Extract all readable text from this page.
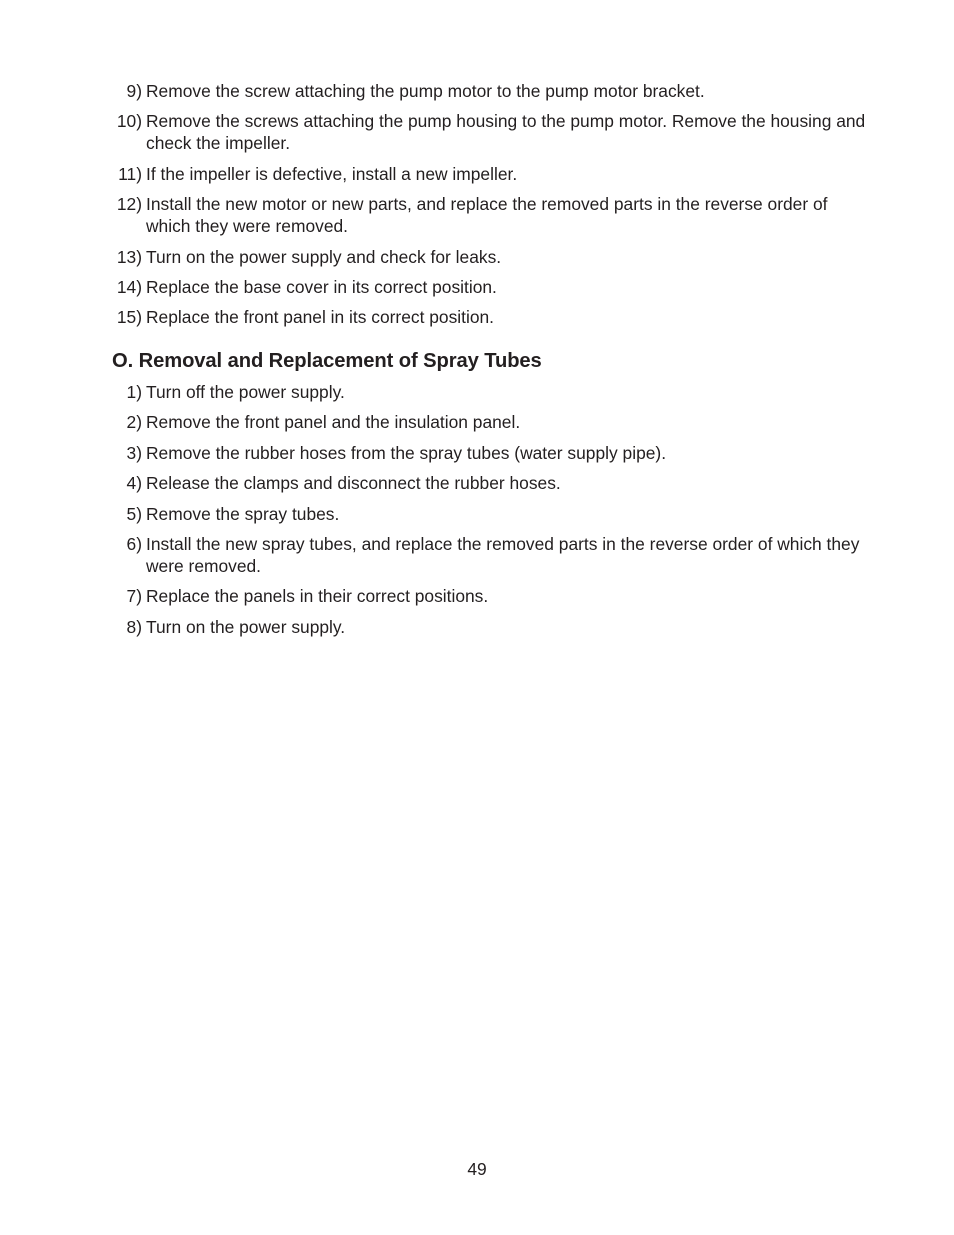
9) Remove the screw attaching the pump motor to the pump motor bracket.
10) Remove the screws attaching the pump housing to the pump motor. Remove the housing and check the impeller.
11) If the impeller is defective, install a new impeller.
12) Install the new motor or new parts, and replace the removed parts in the reverse order of which they were removed.
13) Turn on the power supply and check for leaks.
14) Replace the base cover in its correct position.
15) Replace the front panel in its correct position.
O. Removal and Replacement of Spray Tubes
1) Turn off the power supply.
2) Remove the front panel and the insulation panel.
3) Remove the rubber hoses from the spray tubes (water supply pipe).
4) Release the clamps and disconnect the rubber hoses.
5) Remove the spray tubes.
6) Install the new spray tubes, and replace the removed parts in the reverse order of which they were removed.
7) Replace the panels in their correct positions.
8) Turn on the power supply.
49
